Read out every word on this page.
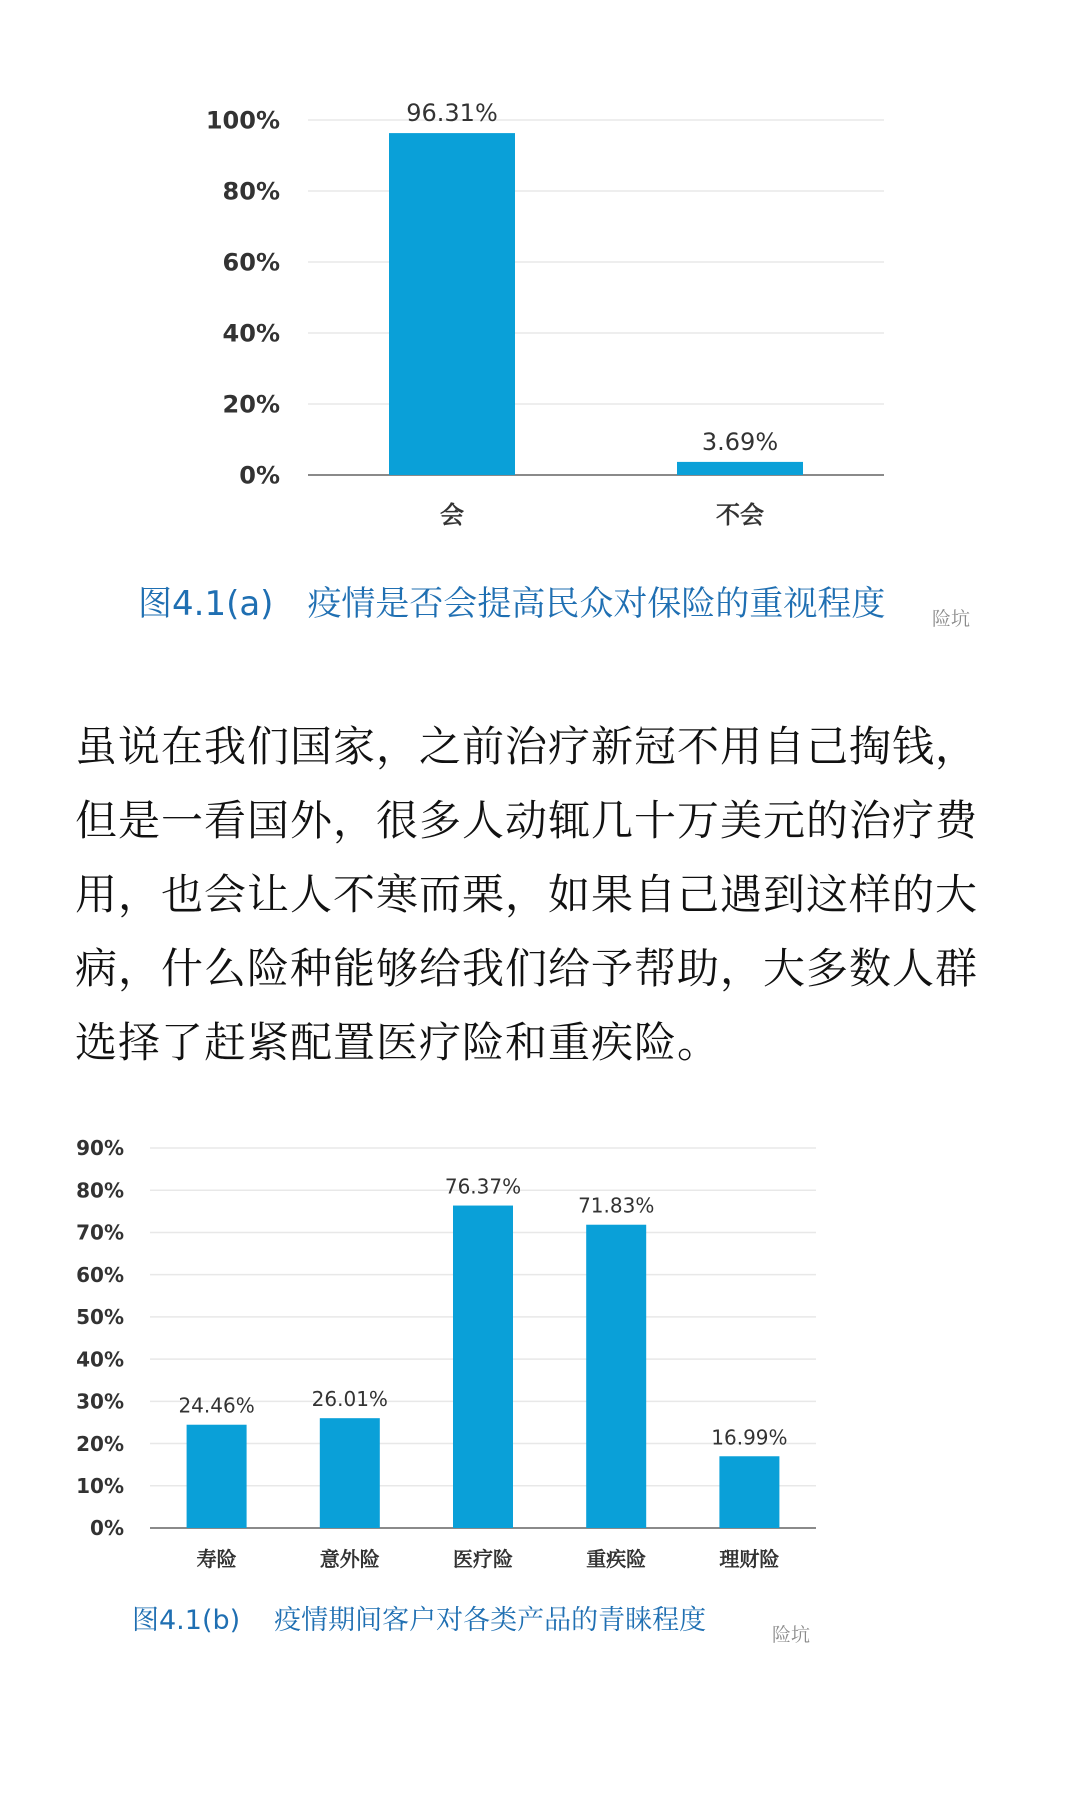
0%
20%
40%
60%
80%
100%	96.31%
会
3.69%
不会
图4.1(a) 疫情是否会提高民众对保险的重视程度 险坑
虽说在我们国家，之前治疗新冠不用自己掏钱，但是一看国外，很多人动辄几十万美元的治疗费用，也会让人不寒而栗，如果自己遇到这样的大病，什么险种能够给我们给予帮助，大多数人群选择了赶紧配置医疗险和重疾险。
0%
10%
20%
30%
40%
50%
60%
70%
80%
90%
24.46%
寿险
26.01%
意外险
76.37%
医疗险
71.83%
重疾险
16.99%
理财险
图4.1(b) 疫情期间客户对各类产品的青睐程度	险坑
